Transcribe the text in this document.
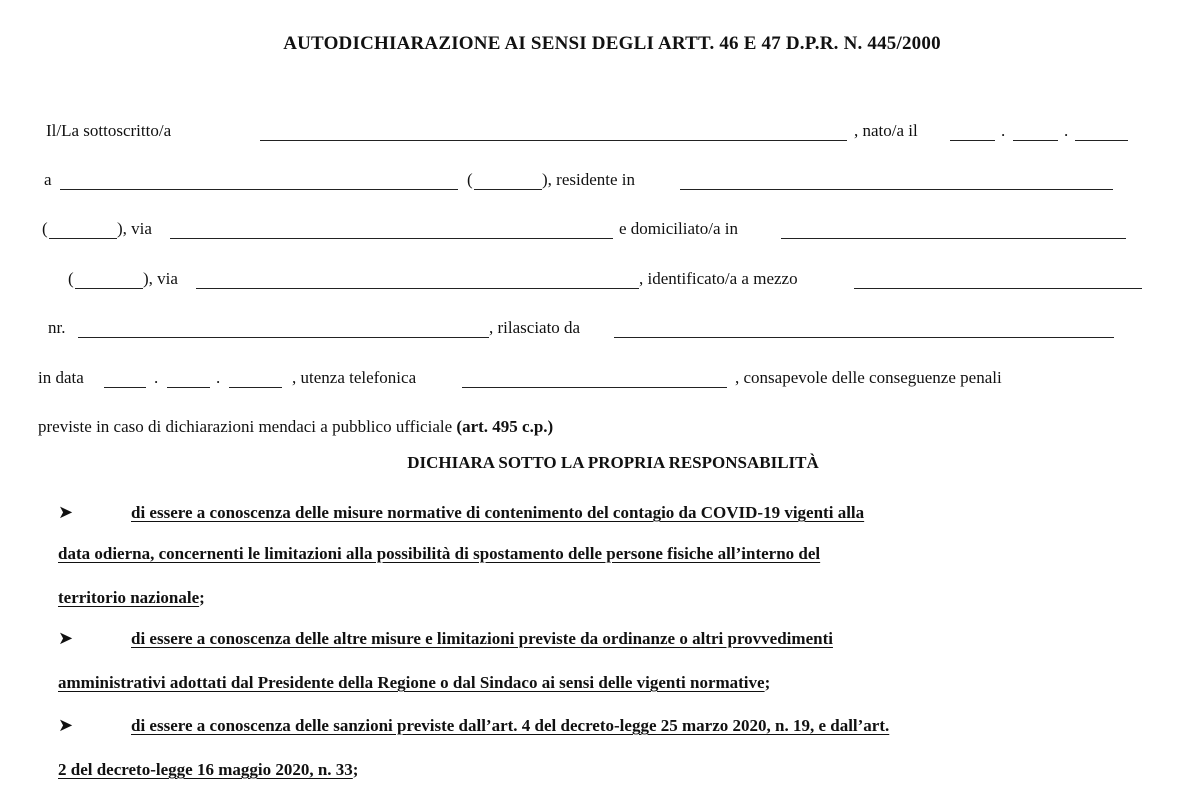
AUTODICHIARAZIONE AI SENSI DEGLI ARTT. 46 E 47 D.P.R. N. 445/2000
Il/La sottoscritto/a	, nato/a il	.	.
a	(	), residente in
(	), via	e domiciliato/a in
(	), via	, identificato/a a mezzo
nr.	, rilasciato da
in data	.	.	, utenza telefonica	, consapevole delle conseguenze penali
previste in caso di dichiarazioni mendaci a pubblico ufficiale (art. 495 c.p.)
DICHIARA SOTTO LA PROPRIA RESPONSABILITÀ
➤	di essere a conoscenza delle misure normative di contenimento del contagio da COVID-19 vigenti alla
data odierna, concernenti le limitazioni alla possibilità di spostamento delle persone fisiche all’interno del
territorio nazionale;
➤	di essere a conoscenza delle altre misure e limitazioni previste da ordinanze o altri provvedimenti
amministrativi adottati dal Presidente della Regione o dal Sindaco ai sensi delle vigenti normative;
➤	di essere a conoscenza delle sanzioni previste dall’art. 4 del decreto-legge 25 marzo 2020, n. 19, e dall’art.
2 del decreto-legge 16 maggio 2020, n. 33;
